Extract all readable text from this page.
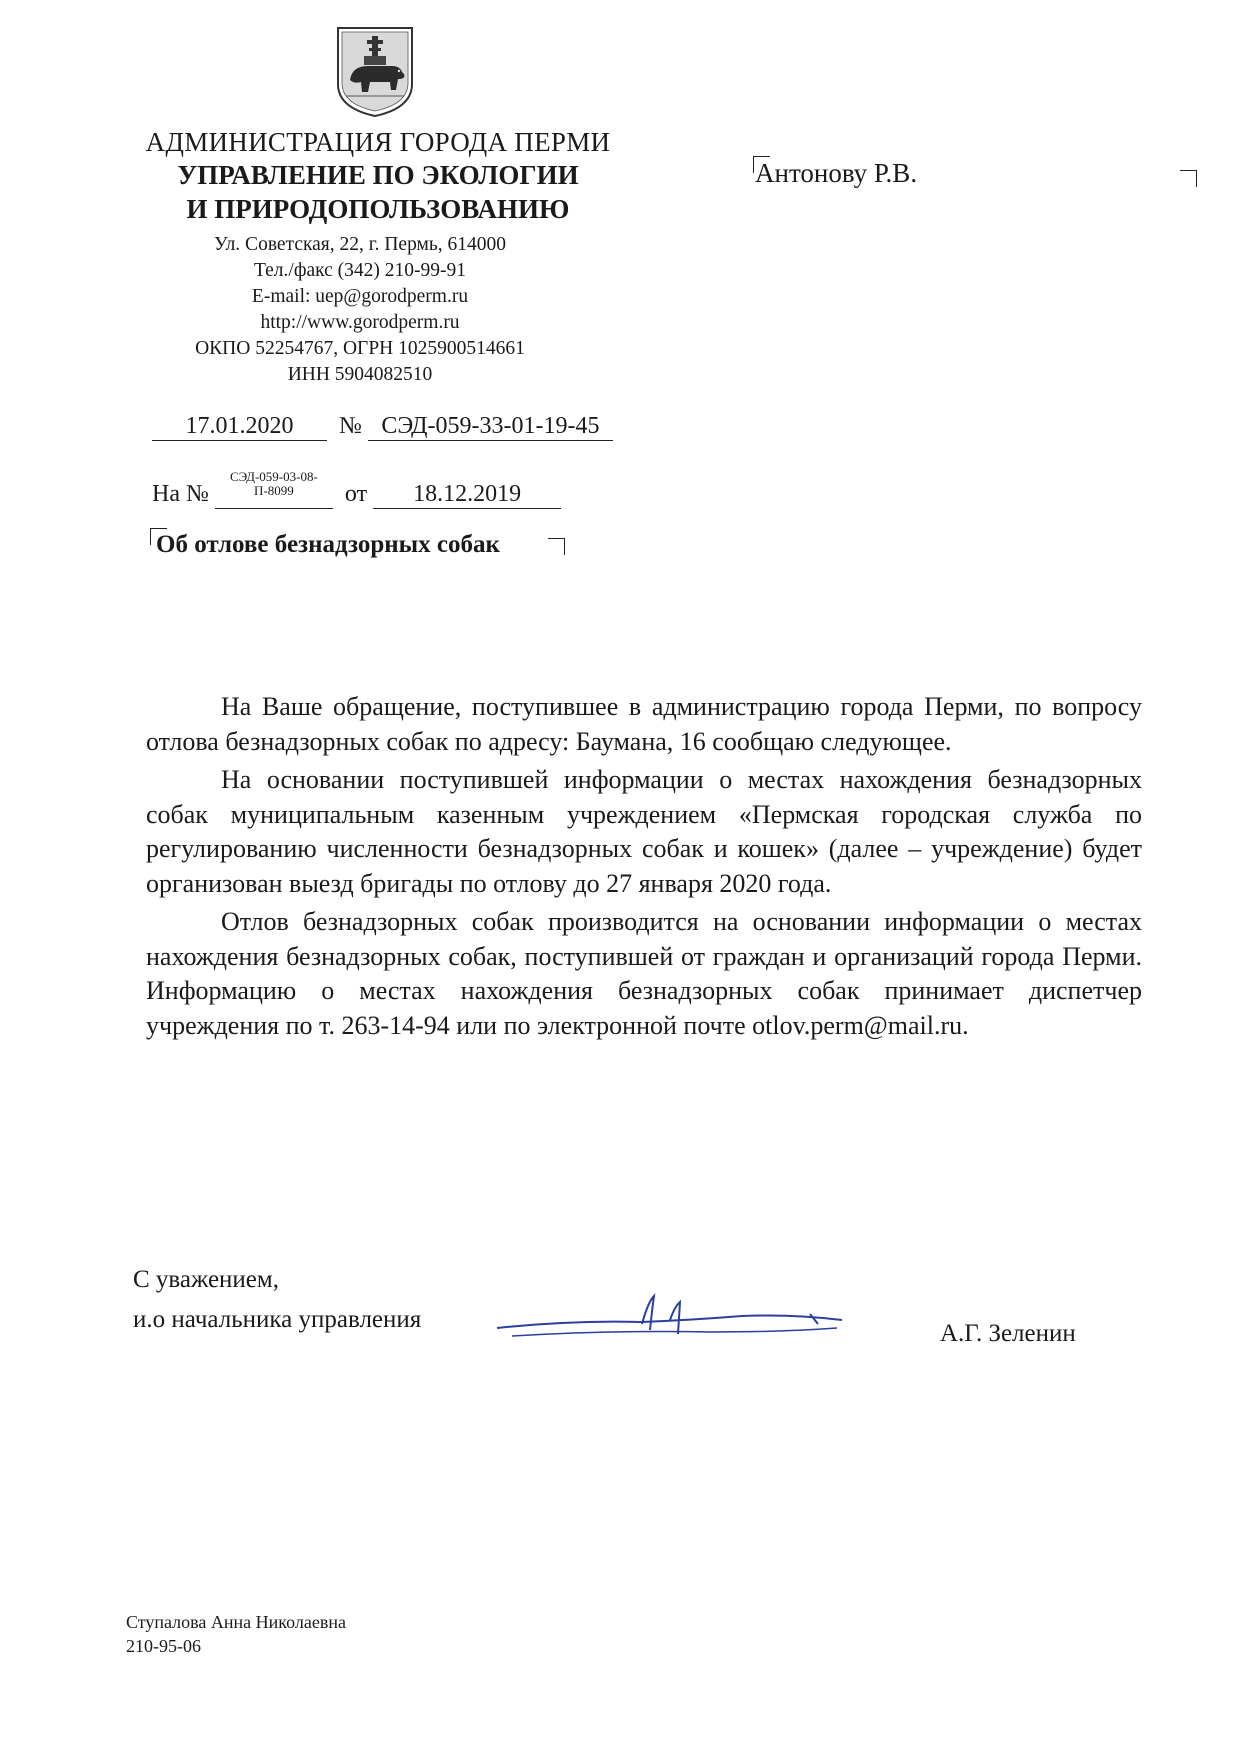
АДМИНИСТРАЦИЯ ГОРОДА ПЕРМИ
УПРАВЛЕНИЕ ПО ЭКОЛОГИИ
И ПРИРОДОПОЛЬЗОВАНИЮ
Ул. Советская, 22, г. Пермь, 614000
Тел./факс (342) 210-99-91
E-mail: uep@gorodperm.ru
http://www.gorodperm.ru
ОКПО 52254767, ОГРН 1025900514661
ИНН 5904082510
Антонову Р.В.
17.01.2020 № СЭД-059-33-01-19-45
На № СЭД-059-03-08-
П-8099 от 18.12.2019
Об отлове безнадзорных собак

На Ваше обращение, поступившее в администрацию города Перми, по вопросу отлова безнадзорных собак по адресу: Баумана, 16 сообщаю следующее.

На основании поступившей информации о местах нахождения безнадзорных собак муниципальным казенным учреждением «Пермская городская служба по регулированию численности безнадзорных собак и кошек» (далее – учреждение) будет организован выезд бригады по отлову до 27 января 2020 года.

Отлов безнадзорных собак производится на основании информации о местах нахождения безнадзорных собак, поступившей от граждан и организаций города Перми. Информацию о местах нахождения безнадзорных собак принимает диспетчер учреждения по т. 263-14-94 или по электронной почте otlov.perm@mail.ru.

С уважением,
и.о начальника управления
А.Г. Зеленин
Ступалова Анна Николаевна
210-95-06
